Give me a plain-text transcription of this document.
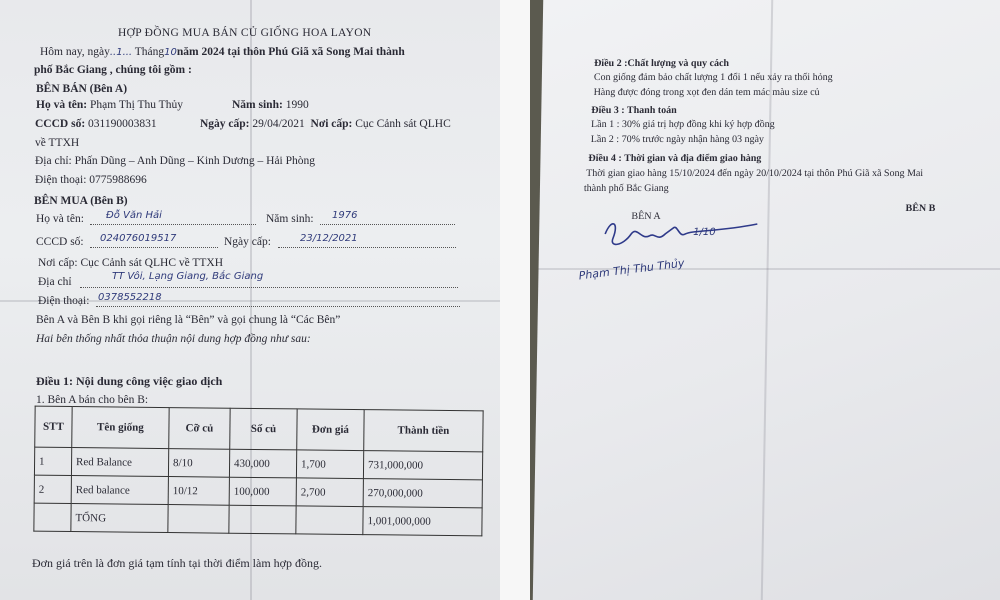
HỢP ĐỒNG MUA BÁN CỦ GIỐNG HOA LAYON
Hôm nay, ngày..1... Tháng10năm 2024 tại thôn Phú Giã xã Song Mai thành
phố Bắc Giang , chúng tôi gồm :
BÊN BÁN (Bên A)
Họ và tên: Phạm Thị Thu Thủy	Năm sinh: 1990
CCCD số: 031190003831	Ngày cấp: 29/04/2021 Nơi cấp: Cục Cảnh sát QLHC
về TTXH
Địa chỉ: Phấn Dũng – Anh Dũng – Kinh Dương – Hải Phòng
Điện thoại: 0775988696
BÊN MUA (Bên B)
Họ và tên: Đỗ Văn Hải	Năm sinh: 1976
CCCD số: 024076019517	Ngày cấp:	23/12/2021
Nơi cấp: Cục Cảnh sát QLHC về TTXH
Địa chỉ	TT Vôi, Lạng Giang, Bắc Giang
Điện thoại: 0378552218
Bên A và Bên B khi gọi riêng là “Bên” và gọi chung là “Các Bên”
Hai bên thống nhất thỏa thuận nội dung hợp đồng như sau:
Điều 1: Nội dung công việc giao dịch
1. Bên A bán cho bên B:
STT	Tên giống	Cỡ củ	Số củ	Đơn giá	Thành tiền
1	Red Balance	8/10	430,000	1,700	731,000,000
2	Red balance	10/12	100,000	2,700	270,000,000
	TỔNG				1,001,000,000
Đơn giá trên là đơn giá tạm tính tại thời điểm làm hợp đồng.
Điều 2 :Chất lượng và quy cách
Con giống đảm bảo chất lượng 1 đổi 1 nếu xảy ra thối hỏng
Hàng được đóng trong xọt đen dán tem mác màu size củ
Điều 3 : Thanh toán
Lần 1 : 30% giá trị hợp đồng khi ký hợp đồng
Lần 2 : 70% trước ngày nhận hàng 03 ngày
Điều 4 : Thời gian và địa điểm giao hàng
Thời gian giao hàng 15/10/2024 đến ngày 20/10/2024 tại thôn Phú Giã xã Song Mai
thành phố Bắc Giang
BÊN A
BÊN B
1/10
Phạm Thị Thu Thủy
